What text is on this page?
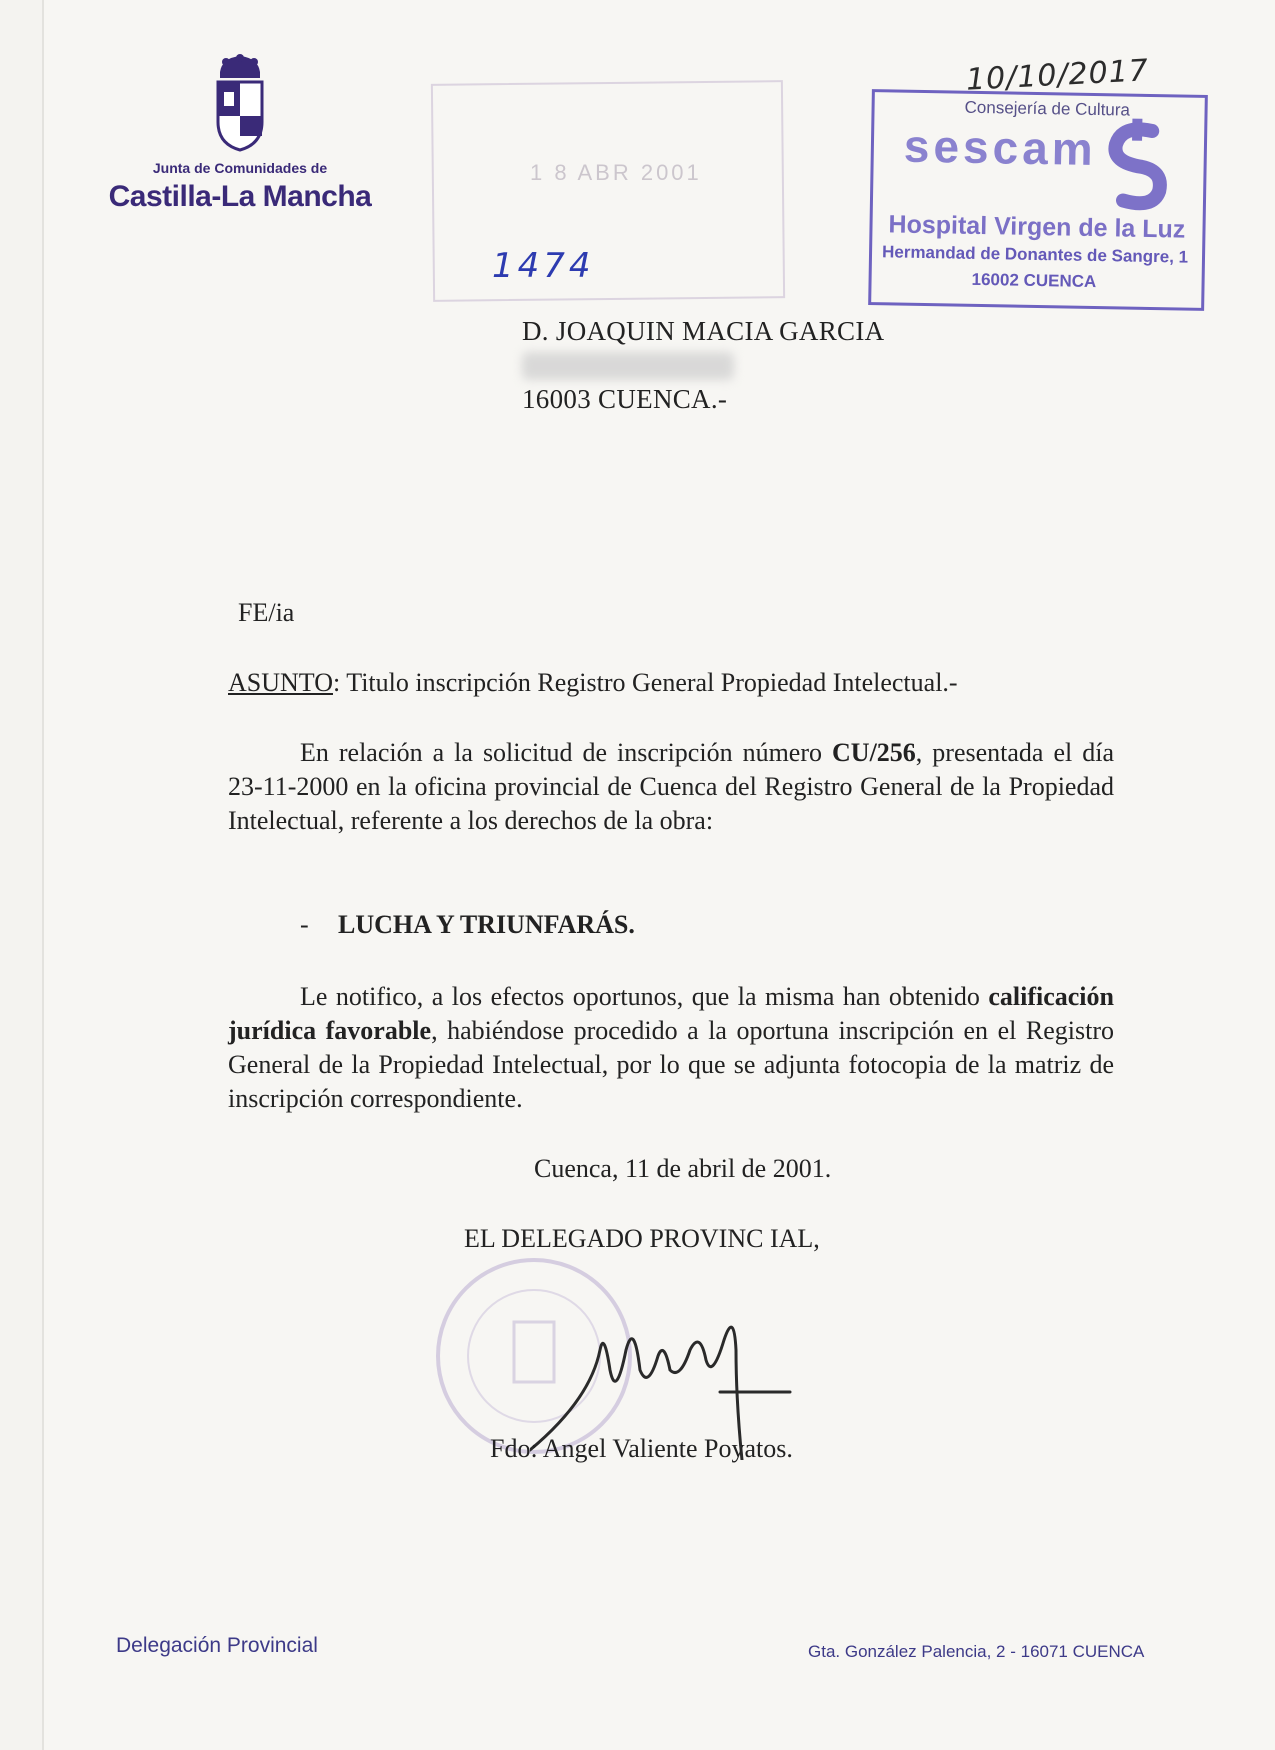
Junta de Comunidades de
Castilla-La Mancha
1 8 ABR 2001
1474
10/10/2017
Consejería de Cultura
sescam
Hospital Virgen de la Luz
Hermandad de Donantes de Sangre, 1
16002 CUENCA
D. JOAQUIN MACIA GARCIA
16003 CUENCA.-
FE/ia
ASUNTO: Titulo inscripción Registro General Propiedad Intelectual.-
En relación a la solicitud de inscripción número CU/256, presentada el día 23-11-2000 en la oficina provincial de Cuenca del Registro General de la Propiedad Intelectual, referente a los derechos de la obra:
- LUCHA Y TRIUNFARÁS.
Le notifico, a los efectos oportunos, que la misma han obtenido calificación jurídica favorable, habiéndose procedido a la oportuna inscripción en el Registro General de la Propiedad Intelectual, por lo que se adjunta fotocopia de la matriz de inscripción correspondiente.
Cuenca, 11 de abril de 2001.
EL DELEGADO PROVINC IAL,
Fdo: Angel Valiente Poyatos.
Delegación Provincial	Gta. González Palencia, 2 - 16071 CUENCA
